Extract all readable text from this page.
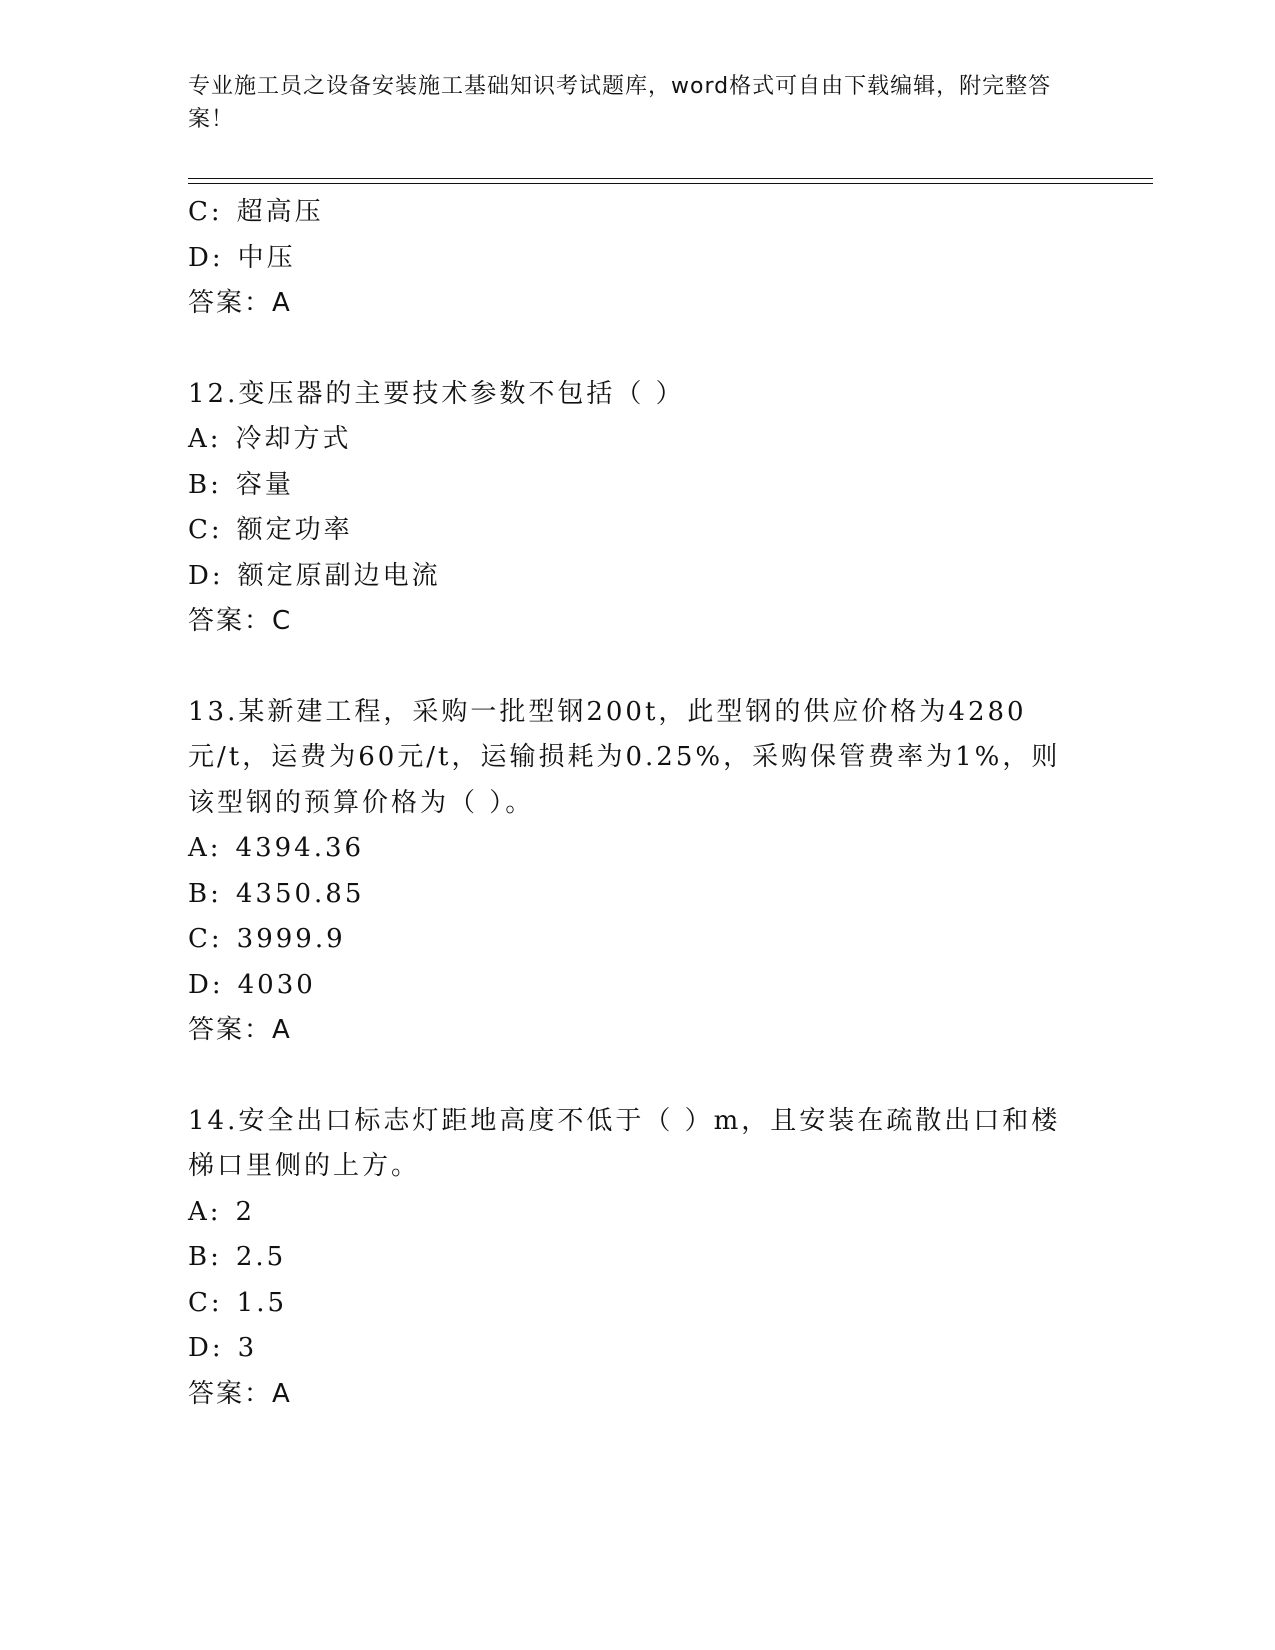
专业施工员之设备安装施工基础知识考试题库，word格式可自由下载编辑，附完整答案！
C: 超高压
D: 中压
答案：A
12.变压器的主要技术参数不包括（ ）
A: 冷却方式
B: 容量
C: 额定功率
D: 额定原副边电流
答案：C
13.某新建工程，采购一批型钢200t，此型钢的供应价格为4280元/t，运费为60元/t，运输损耗为0.25%，采购保管费率为1%，则该型钢的预算价格为（ ）。
A: 4394.36
B: 4350.85
C: 3999.9
D: 4030
答案：A
14.安全出口标志灯距地高度不低于（ ）m，且安装在疏散出口和楼梯口里侧的上方。
A: 2
B: 2.5
C: 1.5
D: 3
答案：A
